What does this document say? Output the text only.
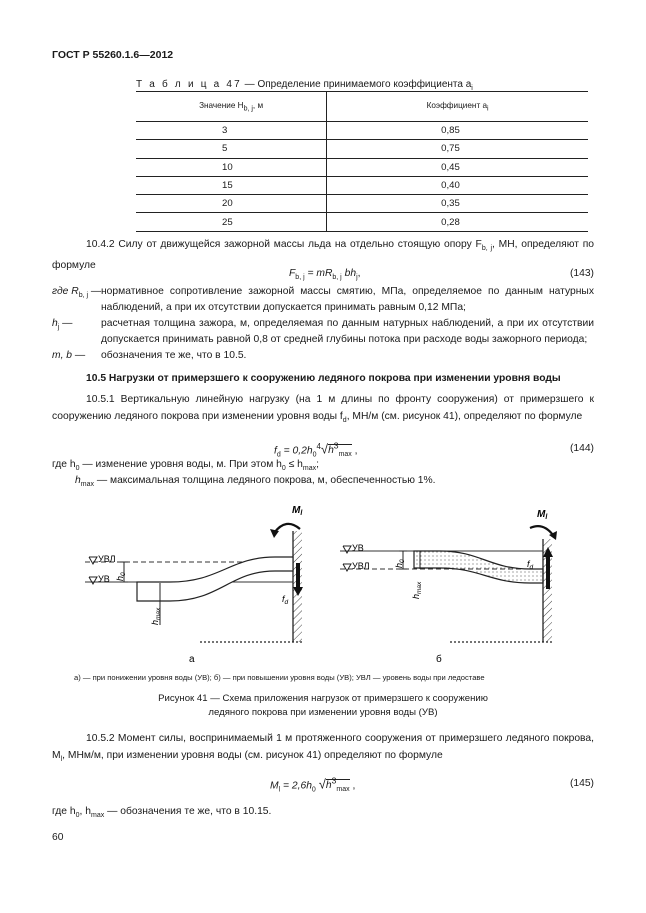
ГОСТ Р 55260.1.6—2012
Т а б л и ц а 47 — Определение принимаемого коэффициента $a_i$
Значение $H_{b, j}$, м	Коэффициент $a_i$
3	0,85
5	0,75
10	0,45
15	0,40
20	0,35
25	0,28
10.4.2 Силу от движущейся зажорной массы льда на отдельно стоящую опору $F_{b, j}$, МН, определяют по формуле
$F_{b, j} = mR_{b, j}$ $bh_j$,	(143)
где $R_{b, j}$ — нормативное сопротивление зажорной массы смятию, МПа, определяемое по данным натурных наблюдений, а при их отсутствии допускается принимать равным 0,12 МПа;
$h_j$ —	расчетная толщина зажора, м, определяемая по данным натурных наблюдений, а при их отсутствии допускается принимать равной 0,8 от средней глубины потока при расходе воды зажорного периода;
m, b — обозначения те же, что в 10.5.
10.5 Нагрузки от примерзшего к сооружению ледяного покрова при изменении уровня воды
10.5.1 Вертикальную линейную нагрузку (на 1 м длины по фронту сооружения) от примерзшего к сооружению ледяного покрова при изменении уровня воды $f_d$, МН/м (см. рисунок 41), определяют по формуле
$f_d = 0,2h_0^4√h^3_{max}$ ,	(144)
где $h_0$ — изменение уровня воды, м. При этом $h_0 \le h_{max}$;
$h_{max}$ — максимальная толщина ледяного покрова, м, обеспеченностью 1%.
УВЛ
УВ $h_0$
$h_{max}$
$f_d$
$M_l$
а
УВ
УВЛ	$h_0$
$h_{max}$
$f_d$
$M_l$
б
а) — при понижении уровня воды (УВ); б) — при повышении уровня воды (УВ); УВЛ — уровень воды при ледоставе
Рисунок 41 — Схема приложения нагрузок от примерзшего к сооружению
ледяного покрова при изменении уровня воды (УВ)
10.5.2 Момент силы, воспринимаемый 1 м протяженного сооружения от примерзшего ледяного покрова, $M_l$, МНм/м, при изменении уровня воды (см. рисунок 41) определяют по формуле
$M_l = 2,6h_0$ $√h^3_{max}$ ,	(145)
где $h_0$, $h_{max}$ — обозначения те же, что в 10.15.
60
